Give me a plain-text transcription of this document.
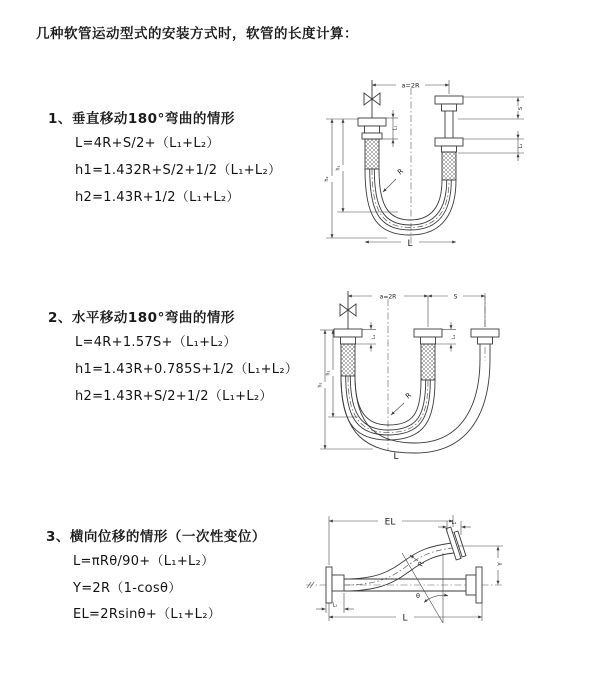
几种软管运动型式的安装方式时，软管的长度计算：
1、垂直移动180°弯曲的情形
L=4R+S/2+（L₁+L₂）
h1=1.432R+S/2+1/2（L₁+L₂）
h2=1.43R+1/2（L₁+L₂）
2、水平移动180°弯曲的情形
L=4R+1.57S+（L₁+L₂）
h1=1.43R+0.785S+1/2（L₁+L₂）
h2=1.43R+S/2+1/2（L₁+L₂）
3、横向位移的情形（一次性变位）
L=πRθ/90+（L₁+L₂）
Y=2R（1-cosθ）
EL=2Rsinθ+（L₁+L₂）
a=2R
R
L₁
h₂
h₁
S
L₁
L
a=2R	S
h₂
h₁
L₁	L₁
R
L
EL	L₁
Y
R
θ
L
L₁
